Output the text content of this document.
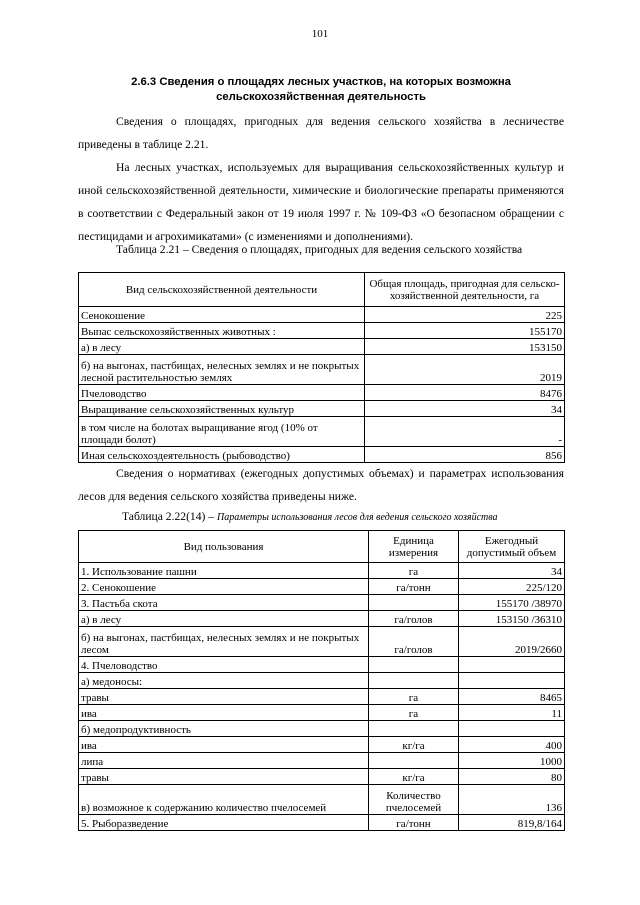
101
2.6.3 Сведения о площадях лесных участков, на которых возможна сельскохозяйственная деятельность
Сведения о площадях, пригодных для ведения сельского хозяйства в лесничестве приведены в таблице 2.21.
На лесных участках, используемых для выращивания сельскохозяйственных культур и иной сельскохозяйственной деятельности, химические и биологические препараты применяются в соответствии с Федеральный закон от 19 июля 1997 г. № 109-ФЗ «О безопасном обращении с пестицидами и агрохимикатами» (с изменениями и дополнениями).
Таблица 2.21 – Сведения о площадях, пригодных для ведения сельского хозяйства
Вид сельскохозяйственной деятельности	Общая площадь, пригодная для сельско-хозяйственной деятельности, га
Сенокошение	225
Выпас сельскохозяйственных животных :	155170
а) в лесу	153150
б) на выгонах, пастбищах, нелесных землях и не покрытых лесной растительностью землях	2019
Пчеловодство	8476
Выращивание сельскохозяйственных культур	34
в том числе на болотах выращивание ягод (10% от площади болот)	-
Иная сельскохоздеятельность (рыбоводство)	856
Сведения о нормативах (ежегодных допустимых объемах) и параметрах использования лесов для ведения сельского хозяйства приведены ниже.
Таблица 2.22(14) – Параметры использования лесов для ведения сельского хозяйства
Вид пользования	Единица измерения	Ежегодный допустимый объем
1. Использование пашни	га	34
2. Сенокошение	га/тонн	225/120
3. Пастьба скота		155170 /38970
а) в лесу	га/голов	153150 /36310
б) на выгонах, пастбищах, нелесных землях и не покрытых лесом	га/голов	2019/2660
4. Пчеловодство		
а) медоносы:		
травы	га	8465
ива	га	11
б) медопродуктивность		
ива	кг/га	400
липа		1000
травы	кг/га	80
в) возможное к содержанию количество пчелосемей	Количество пчелосемей	136
5. Рыборазведение	га/тонн	819,8/164
